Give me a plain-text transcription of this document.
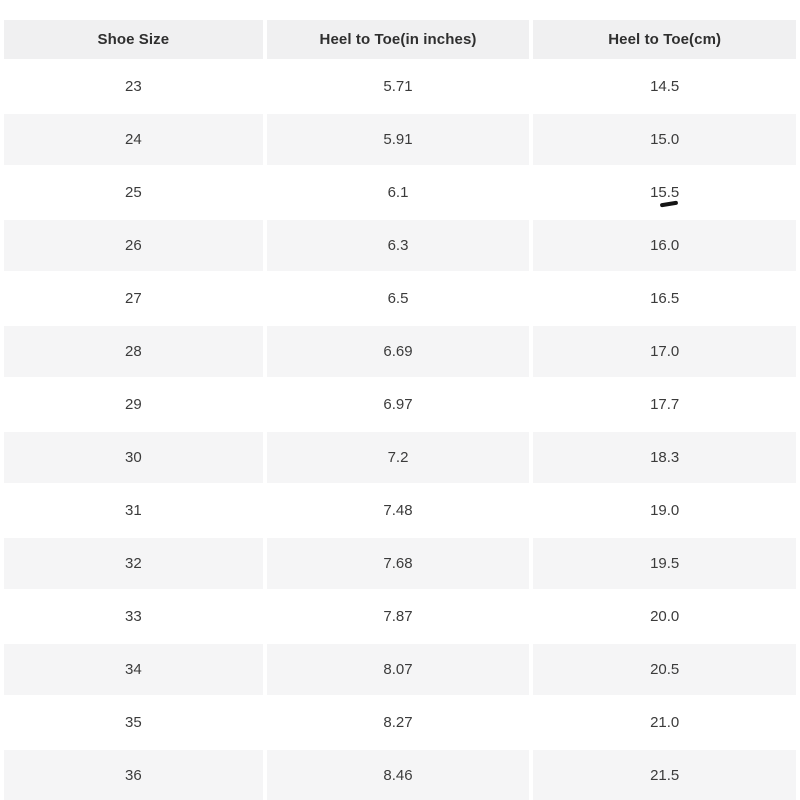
Shoe Size	Heel to Toe(in inches)	Heel to Toe(cm)
23	5.71	14.5
24	5.91	15.0
25	6.1	15.5
26	6.3	16.0
27	6.5	16.5
28	6.69	17.0
29	6.97	17.7
30	7.2	18.3
31	7.48	19.0
32	7.68	19.5
33	7.87	20.0
34	8.07	20.5
35	8.27	21.0
36	8.46	21.5
